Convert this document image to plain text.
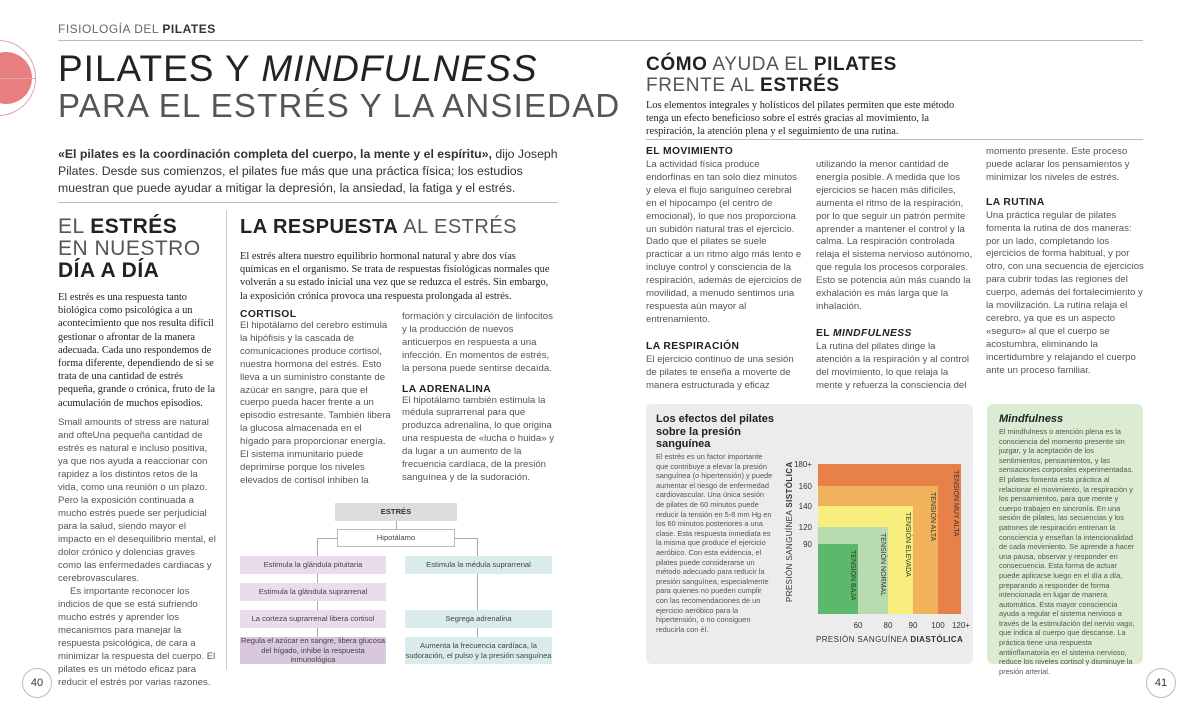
FISIOLOGÍA DEL PILATES
PILATES Y MINDFULNESS
PARA EL ESTRÉS Y LA ANSIEDAD
«El pilates es la coordinación completa del cuerpo, la mente y el espíritu», dijo Joseph Pilates. Desde sus comienzos, el pilates fue más que una práctica física; los estudios muestran que puede ayudar a mitigar la depresión, la ansiedad, la fatiga y el estrés.
EL ESTRÉS
EN NUESTRO
DÍA A DÍA
El estrés es una respuesta tanto biológica como psicológica a un acontecimiento que nos resulta difícil gestionar o afrontar de la manera adecuada. Cada uno respondemos de forma diferente, dependiendo de si se trata de una cantidad de estrés pequeña, grande o crónica, fruto de la acumulación de muchos episodios.

Small amounts of stress are natural and ofteUna pequeña cantidad de estrés es natural e incluso positiva, ya que nos ayuda a reaccionar con rapidez a los distintos retos de la vida, como una reunión o un plazo. Pero la exposición continuada a mucho estrés puede ser perjudicial para la salud, siendo mayor el impacto en el desequilibrio mental, el dolor crónico y dolencias graves como las enfermedades cardiacas y cerebrovasculares.

Es importante reconocer los indicios de que se está sufriendo mucho estrés y aprender los mecanismos para manejar la respuesta psicológica, de cara a minimizar la respuesta del cuerpo. El pilates es un método eficaz para reducir el estrés por varias razones.

LA RESPUESTA AL ESTRÉS
El estrés altera nuestro equilibrio hormonal natural y abre dos vías químicas en el organismo. Se trata de respuestas fisiológicas normales que volverán a su estado inicial una vez que se reduzca el estrés. Sin embargo, la exposición crónica provoca una respuesta prolongada al estrés.
CORTISOL
El hipotálamo del cerebro estimula la hipófisis y la cascada de comunicaciones produce cortisol, nuestra hormona del estrés. Esto lleva a un suministro constante de azúcar en sangre, para que el cuerpo pueda hacer frente a un episodio estresante. También libera la glucosa almacenada en el hígado para proporcionar energía. El sistema inmunitario puede deprimirse porque los niveles elevados de cortisol inhiben la
formación y circulación de linfocitos y la producción de nuevos anticuerpos en respuesta a una infección. En momentos de estrés, la persona puede sentirse decaída.
LA ADRENALINA
El hipotálamo también estimula la médula suprarrenal para que produzca adrenalina, lo que origina una respuesta de «lucha o huida» y da lugar a un aumento de la frecuencia cardíaca, de la presión sanguínea y de la sudoración.
ESTRÉS
Hipotálamo
Estimula la glándula pituitaria
Estimula la glándula suprarrenal
La corteza suprarrenal libera cortisol
Regula el azúcar en sangre, libera glucosa del hígado, inhibe la respuesta inmunológica
Estimula la médula suprarrenal
Segrega adrenalina
Aumenta la frecuencia cardíaca, la sudoración, el pulso y la presión sanguínea
40
CÓMO AYUDA EL PILATES
FRENTE AL ESTRÉS
Los elementos integrales y holísticos del pilates permiten que este método tenga un efecto beneficioso sobre el estrés gracias al movimiento, la respiración, la atención plena y el seguimiento de una rutina.
EL MOVIMIENTO
La actividad física produce endorfinas en tan solo diez minutos y eleva el flujo sanguíneo cerebral en el hipocampo (el centro de emocional), lo que nos proporciona un subidón natural tras el ejercicio. Dado que el pilates se suele practicar a un ritmo algo más lento e incluye control y consciencia de la respiración, además de ejercicios de movilidad, a menudo sentimos una respuesta aún mayor al entrenamiento.
LA RESPIRACIÓN
El ejercicio continuo de una sesión de pilates te enseña a moverte de manera estructurada y eficaz
utilizando la menor cantidad de energía posible. A medida que los ejercicios se hacen más difíciles, aumenta el ritmo de la respiración, por lo que seguir un patrón permite aprender a mantener el control y la calma. La respiración controlada relaja el sistema nervioso autónomo, que regula los procesos corporales. Esto se potencia aún más cuando la exhalación es más larga que la inhalación.
EL MINDFULNESS
La rutina del pilates dirige la atención a la respiración y al control del movimiento, lo que relaja la mente y refuerza la consciencia del
momento presente. Este proceso puede aclarar los pensamientos y minimizar los niveles de estrés.
LA RUTINA
Una práctica regular de pilates fomenta la rutina de dos maneras: por un lado, completando los ejercicios de forma habitual, y por otro, con una secuencia de ejercicios para cubrir todas las regiones del cuerpo, además del fortalecimiento y la movilización. La rutina relaja el cerebro, ya que es un aspecto «seguro» al que el cuerpo se acostumbra, eliminando la incertidumbre y relajando el cuerpo ante un proceso familiar.
Los efectos del pilates sobre la presión sanguínea
El estrés es un factor importante que contribuye a elevar la presión sanguínea (o hipertensión) y puede aumentar el riesgo de enfermedad cardiovascular. Una única sesión de pilates de 60 minutos puede reducir la tensión en 5-8 mm Hg en los 60 minutos posteriores a una clase. Esta respuesta inmediata es la misma que produce el ejercicio aeróbico. Con esta evidencia, el pilates puede considerarse un método adecuado para reducir la presión sanguínea, especialmente para quienes no pueden cumplir con las recomendaciones de un ejercicio aeróbico para la hipertensión, o no consiguen reducirla con él.
180+
160
140
120
90
60	80 90 100 120+
TENSIÓN MUY ALTA
TENSIÓN ALTA
TENSIÓN ELEVADA
TENSIÓN NORMAL
TENSIÓN BAJA
PRESIÓN SANGUÍNEA SISTÓLICA
PRESIÓN SANGUÍNEA DIASTÓLICA
Mindfulness
El mindfulness o atención plena es la consciencia del momento presente sin juzgar, y la aceptación de los sentimientos, pensamientos, y las sensaciones corporales experimentadas. El pilates fomenta esta práctica al relacionar el movimiento, la respiración y los pensamientos, para que mente y cuerpo trabajen en sincronía. En una sesión de pilates, las secuencias y los patrones de respiración entrenan la consciencia y enseñan la intencionalidad de cada movimiento. Se aprende a hacer una pausa, observar y responder en consecuencia. Esta forma de actuar puede aplicarse luego en el día a día, preparando a responder de forma intencionada en lugar de manera automática. Esta mayor consciencia ayuda a regular el sistema nervioso a través de la estimulación del nervio vago, que indica al cuerpo que descanse. La práctica tiene una respuesta antiinflamatoria en el sistema nervioso, reduce los niveles cortisol y disminuye la presión arterial.
41
